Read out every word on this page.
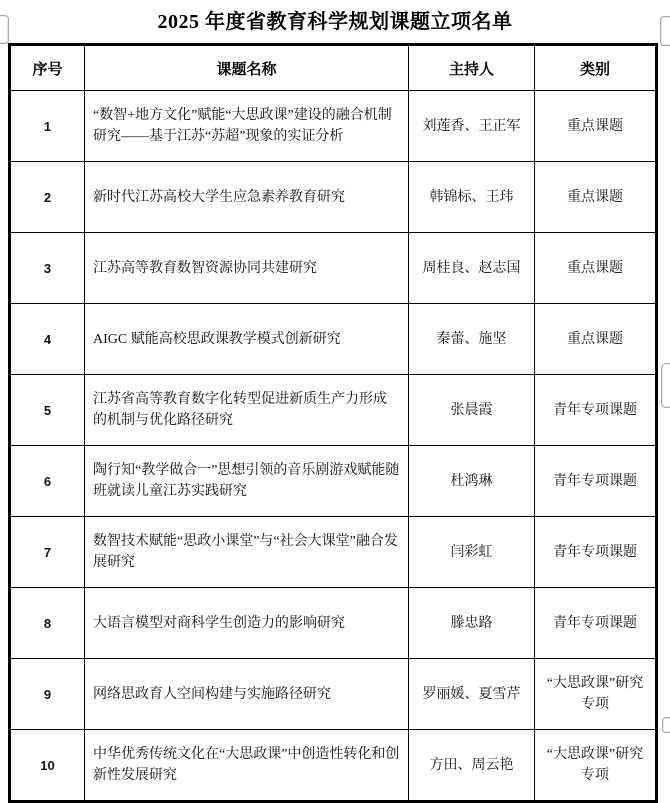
2025 年度省教育科学规划课题立项名单
序号	课题名称	主持人	类别
1	“数智+地方文化”赋能“大思政课”建设的融合机制研究——基于江苏“苏超”现象的实证分析	刘莲香、王正军	重点课题
2	新时代江苏高校大学生应急素养教育研究	韩锦标、王玮	重点课题
3	江苏高等教育数智资源协同共建研究	周桂良、赵志国	重点课题
4	AIGC 赋能高校思政课教学模式创新研究	秦蕾、施坚	重点课题
5	江苏省高等教育数字化转型促进新质生产力形成的机制与优化路径研究	张晨霞	青年专项课题
6	陶行知“教学做合一”思想引领的音乐剧游戏赋能随班就读儿童江苏实践研究	杜鸿琳	青年专项课题
7	数智技术赋能“思政小课堂”与“社会大课堂”融合发展研究	闫彩虹	青年专项课题
8	大语言模型对商科学生创造力的影响研究	滕忠路	青年专项课题
9	网络思政育人空间构建与实施路径研究	罗丽媛、夏雪芹	“大思政课”研究专项
10	中华优秀传统文化在“大思政课”中创造性转化和创新性发展研究	方田、周云艳	“大思政课”研究专项
